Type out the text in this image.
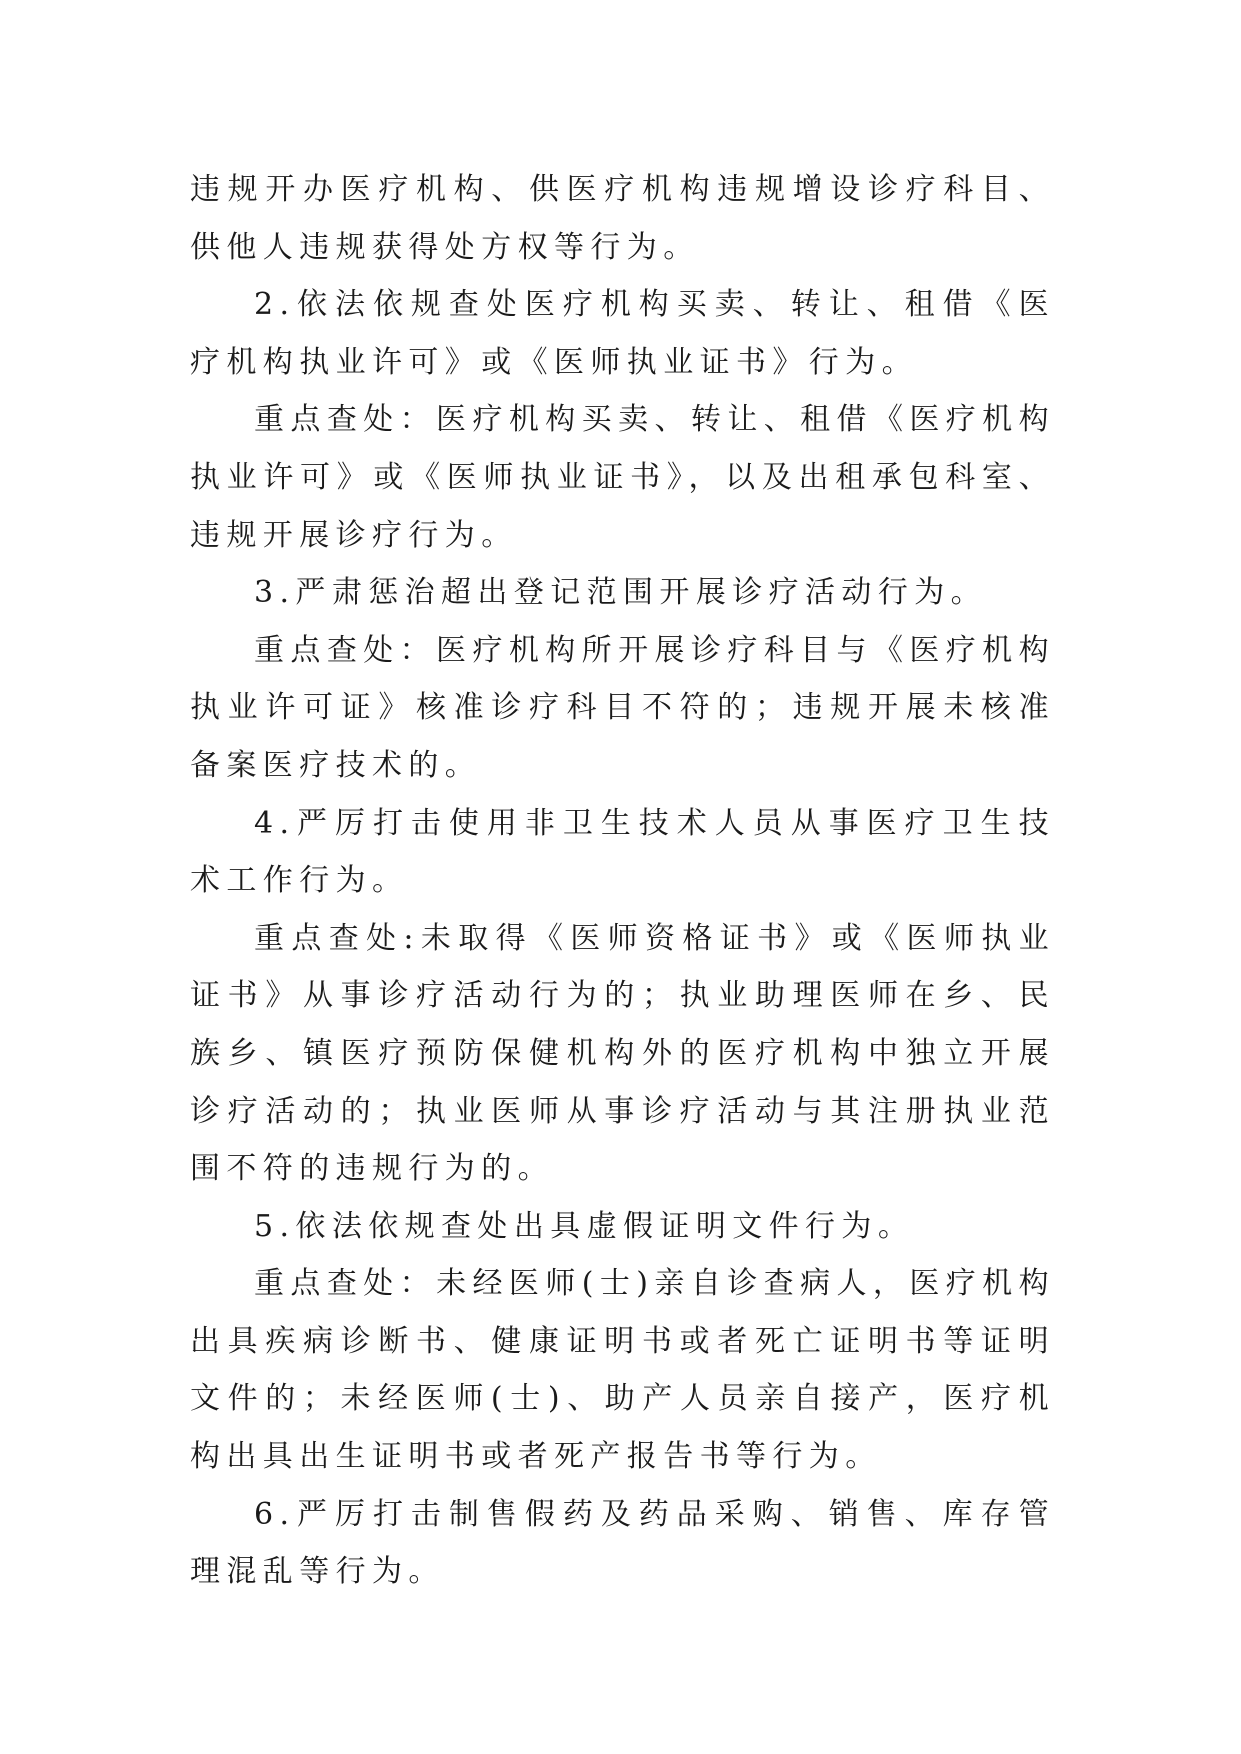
违规开办医疗机构、供医疗机构违规增设诊疗科目、供他人违规获得处方权等行为。

2.依法依规查处医疗机构买卖、转让、租借《医疗机构执业许可》或《医师执业证书》行为。

重点查处：医疗机构买卖、转让、租借《医疗机构执业许可》或《医师执业证书》，以及出租承包科室、违规开展诊疗行为。

3.严肃惩治超出登记范围开展诊疗活动行为。

重点查处：医疗机构所开展诊疗科目与《医疗机构执业许可证》核准诊疗科目不符的；违规开展未核准备案医疗技术的。

4.严厉打击使用非卫生技术人员从事医疗卫生技术工作行为。

重点查处:未取得《医师资格证书》或《医师执业证书》从事诊疗活动行为的；执业助理医师在乡、民族乡、镇医疗预防保健机构外的医疗机构中独立开展诊疗活动的；执业医师从事诊疗活动与其注册执业范围不符的违规行为的。

5.依法依规查处出具虚假证明文件行为。

重点查处：未经医师(士)亲自诊查病人，医疗机构出具疾病诊断书、健康证明书或者死亡证明书等证明文件的；未经医师(士)、助产人员亲自接产，医疗机构出具出生证明书或者死产报告书等行为。

6.严厉打击制售假药及药品采购、销售、库存管理混乱等行为。
